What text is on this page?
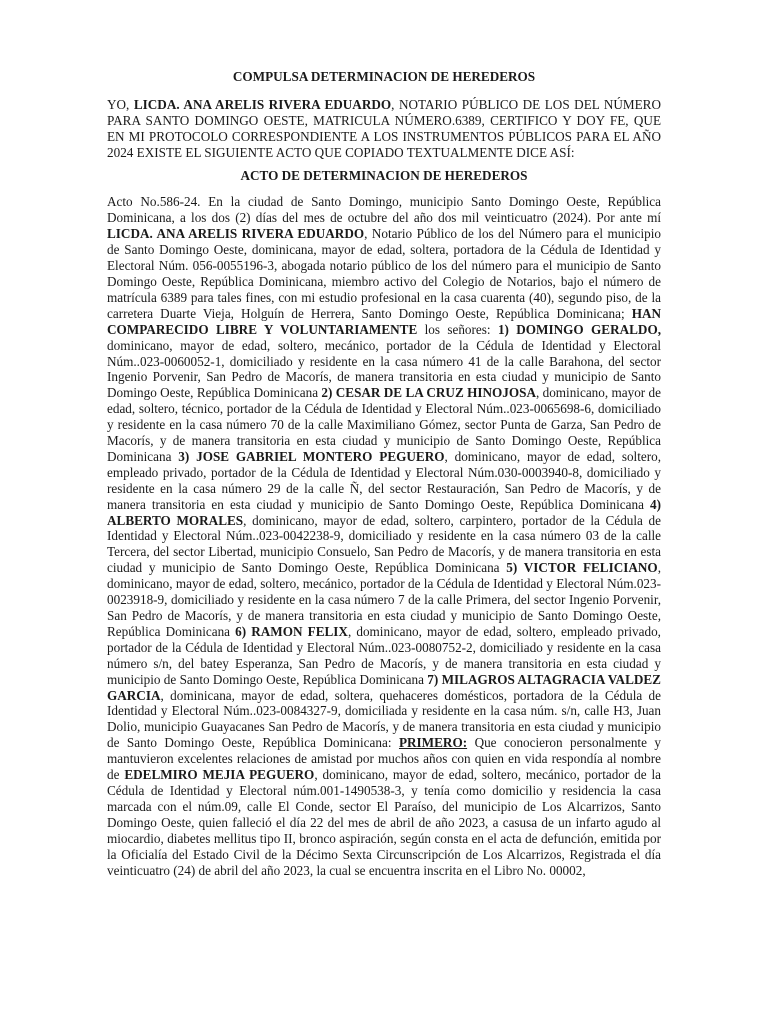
COMPULSA DETERMINACION DE HEREDEROS

YO, LICDA. ANA ARELIS RIVERA EDUARDO, NOTARIO PÚBLICO DE LOS DEL NÚMERO PARA SANTO DOMINGO OESTE, MATRICULA NÚMERO.6389, CERTIFICO Y DOY FE, QUE EN MI PROTOCOLO CORRESPONDIENTE A LOS INSTRUMENTOS PÚBLICOS PARA EL AÑO 2024 EXISTE EL SIGUIENTE ACTO QUE COPIADO TEXTUALMENTE DICE ASÍ:

ACTO DE DETERMINACION DE HEREDEROS

Acto No.586-24. En la ciudad de Santo Domingo, municipio Santo Domingo Oeste, República Dominicana, a los dos (2) días del mes de octubre del año dos mil veinticuatro (2024). Por ante mí LICDA. ANA ARELIS RIVERA EDUARDO, Notario Público de los del Número para el municipio de Santo Domingo Oeste, dominicana, mayor de edad, soltera, portadora de la Cédula de Identidad y Electoral Núm. 056-0055196-3, abogada notario público de los del número para el municipio de Santo Domingo Oeste, República Dominicana, miembro activo del Colegio de Notarios, bajo el número de matrícula 6389 para tales fines, con mi estudio profesional en la casa cuarenta (40), segundo piso, de la carretera Duarte Vieja, Holguín de Herrera, Santo Domingo Oeste, República Dominicana; HAN COMPARECIDO LIBRE Y VOLUNTARIAMENTE los señores: 1) DOMINGO GERALDO, dominicano, mayor de edad, soltero, mecánico, portador de la Cédula de Identidad y Electoral Núm..023-0060052-1, domiciliado y residente en la casa número 41 de la calle Barahona, del sector Ingenio Porvenir, San Pedro de Macorís, de manera transitoria en esta ciudad y municipio de Santo Domingo Oeste, República Dominicana 2) CESAR DE LA CRUZ HINOJOSA, dominicano, mayor de edad, soltero, técnico, portador de la Cédula de Identidad y Electoral Núm..023-0065698-6, domiciliado y residente en la casa número 70 de la calle Maximiliano Gómez, sector Punta de Garza, San Pedro de Macorís, y de manera transitoria en esta ciudad y municipio de Santo Domingo Oeste, República Dominicana 3) JOSE GABRIEL MONTERO PEGUERO, dominicano, mayor de edad, soltero, empleado privado, portador de la Cédula de Identidad y Electoral Núm.030-0003940-8, domiciliado y residente en la casa número 29 de la calle Ñ, del sector Restauración, San Pedro de Macorís, y de manera transitoria en esta ciudad y municipio de Santo Domingo Oeste, República Dominicana 4) ALBERTO MORALES, dominicano, mayor de edad, soltero, carpintero, portador de la Cédula de Identidad y Electoral Núm..023-0042238-9, domiciliado y residente en la casa número 03 de la calle Tercera, del sector Libertad, municipio Consuelo, San Pedro de Macorís, y de manera transitoria en esta ciudad y municipio de Santo Domingo Oeste, República Dominicana 5) VICTOR FELICIANO, dominicano, mayor de edad, soltero, mecánico, portador de la Cédula de Identidad y Electoral Núm.023-0023918-9, domiciliado y residente en la casa número 7 de la calle Primera, del sector Ingenio Porvenir, San Pedro de Macorís, y de manera transitoria en esta ciudad y municipio de Santo Domingo Oeste, República Dominicana 6) RAMON FELIX, dominicano, mayor de edad, soltero, empleado privado, portador de la Cédula de Identidad y Electoral Núm..023-0080752-2, domiciliado y residente en la casa número s/n, del batey Esperanza, San Pedro de Macorís, y de manera transitoria en esta ciudad y municipio de Santo Domingo Oeste, República Dominicana 7) MILAGROS ALTAGRACIA VALDEZ GARCIA, dominicana, mayor de edad, soltera, quehaceres domésticos, portadora de la Cédula de Identidad y Electoral Núm..023-0084327-9, domiciliada y residente en la casa núm. s/n, calle H3, Juan Dolio, municipio Guayacanes San Pedro de Macorís, y de manera transitoria en esta ciudad y municipio de Santo Domingo Oeste, República Dominicana: PRIMERO: Que conocieron personalmente y mantuvieron excelentes relaciones de amistad por muchos años con quien en vida respondía al nombre de EDELMIRO MEJIA PEGUERO, dominicano, mayor de edad, soltero, mecánico, portador de la Cédula de Identidad y Electoral núm.001-1490538-3, y tenía como domicilio y residencia la casa marcada con el núm.09, calle El Conde, sector El Paraíso, del municipio de Los Alcarrizos, Santo Domingo Oeste, quien falleció el día 22 del mes de abril de año 2023, a casusa de un infarto agudo al miocardio, diabetes mellitus tipo II, bronco aspiración, según consta en el acta de defunción, emitida por la Oficialía del Estado Civil de la Décimo Sexta Circunscripción de Los Alcarrizos, Registrada el día veinticuatro (24) de abril del año 2023, la cual se encuentra inscrita en el Libro No. 00002,
